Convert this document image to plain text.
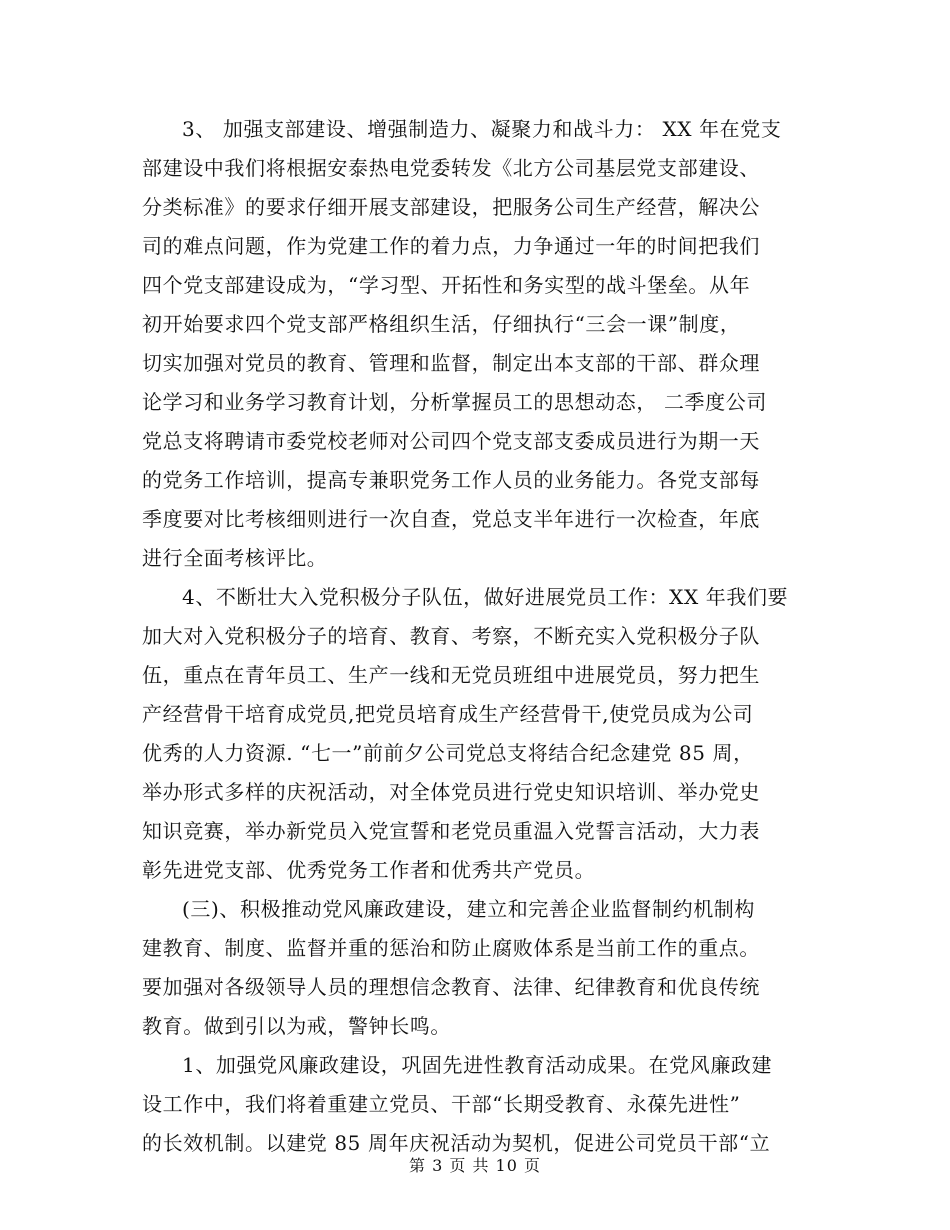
3、 加强支部建设、增强制造力、凝聚力和战斗力： XX 年在党支
部建设中我们将根据安泰热电党委转发《北方公司基层党支部建设、
分类标准》的要求仔细开展支部建设，把服务公司生产经营，解决公
司的难点问题，作为党建工作的着力点，力争通过一年的时间把我们
四个党支部建设成为，“学习型、开拓性和务实型的战斗堡垒。从年
初开始要求四个党支部严格组织生活，仔细执行“三会一课”制度，
切实加强对党员的教育、管理和监督，制定出本支部的干部、群众理
论学习和业务学习教育计划，分析掌握员工的思想动态， 二季度公司
党总支将聘请市委党校老师对公司四个党支部支委成员进行为期一天
的党务工作培训，提高专兼职党务工作人员的业务能力。各党支部每
季度要对比考核细则进行一次自查，党总支半年进行一次检查，年底
进行全面考核评比。
4、不断壮大入党积极分子队伍，做好进展党员工作：XX 年我们要
加大对入党积极分子的培育、教育、考察，不断充实入党积极分子队
伍，重点在青年员工、生产一线和无党员班组中进展党员，努力把生
产经营骨干培育成党员,把党员培育成生产经营骨干,使党员成为公司
优秀的人力资源. “七一”前前夕公司党总支将结合纪念建党 85 周，
举办形式多样的庆祝活动，对全体党员进行党史知识培训、举办党史
知识竞赛，举办新党员入党宣誓和老党员重温入党誓言活动，大力表
彰先进党支部、优秀党务工作者和优秀共产党员。
(三)、积极推动党风廉政建设，建立和完善企业监督制约机制构
建教育、制度、监督并重的惩治和防止腐败体系是当前工作的重点。
要加强对各级领导人员的理想信念教育、法律、纪律教育和优良传统
教育。做到引以为戒，警钟长鸣。
1、加强党风廉政建设，巩固先进性教育活动成果。在党风廉政建
设工作中，我们将着重建立党员、干部“长期受教育、永葆先进性”
的长效机制。以建党 85 周年庆祝活动为契机，促进公司党员干部“立
第 3 页 共 10 页
